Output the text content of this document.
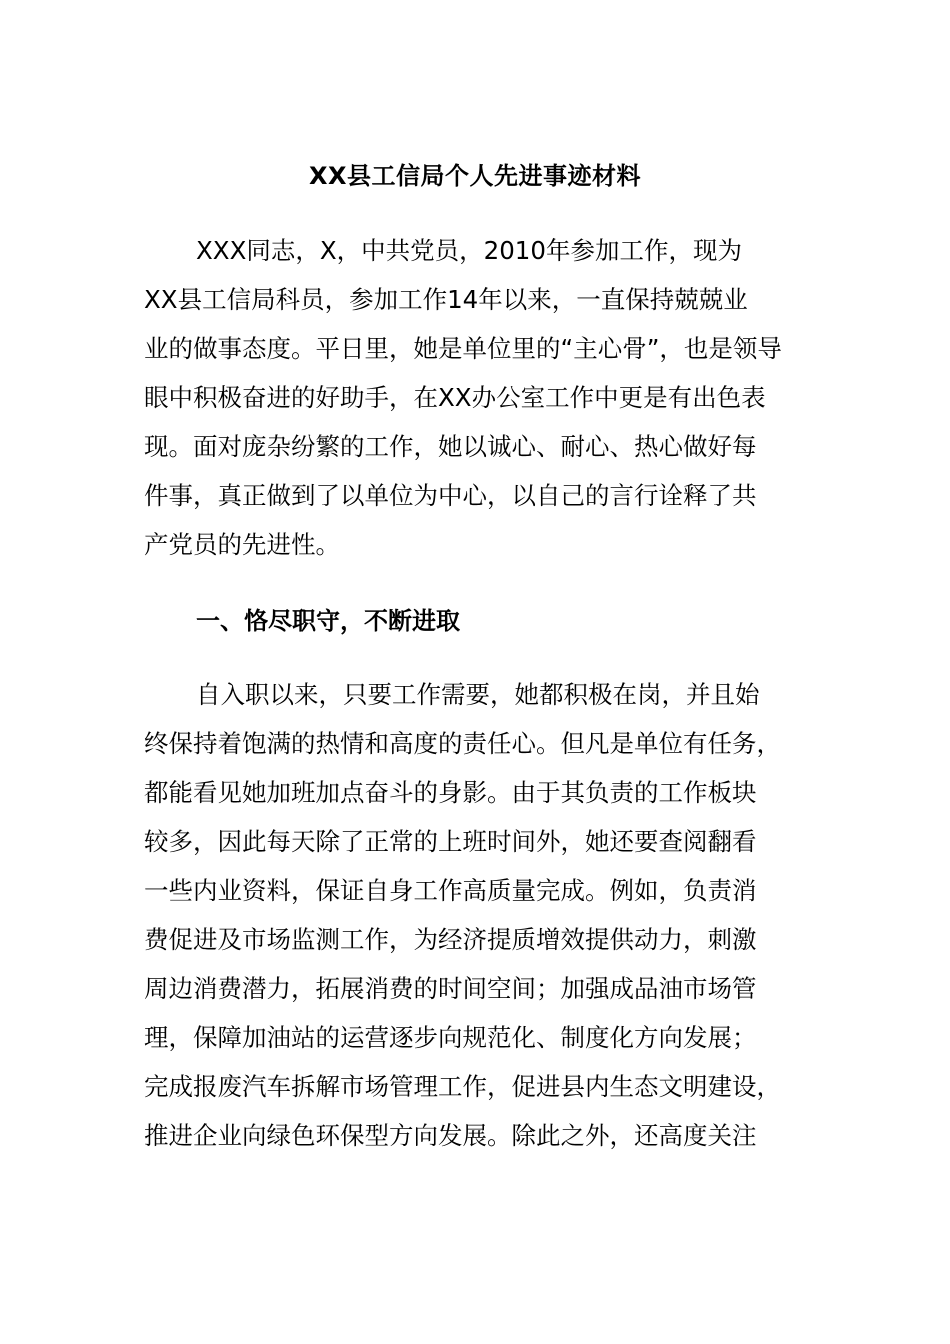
XX县工信局个人先进事迹材料
XXX同志，X，中共党员，2010年参加工作，现为
XX县工信局科员，参加工作14年以来，一直保持兢兢业
业的做事态度。平日里，她是单位里的“主心骨”，也是领导
眼中积极奋进的好助手，在XX办公室工作中更是有出色表
现。面对庞杂纷繁的工作，她以诚心、耐心、热心做好每
件事，真正做到了以单位为中心，以自己的言行诠释了共
产党员的先进性。
一、恪尽职守，不断进取
自入职以来，只要工作需要，她都积极在岗，并且始
终保持着饱满的热情和高度的责任心。但凡是单位有任务，
都能看见她加班加点奋斗的身影。由于其负责的工作板块
较多，因此每天除了正常的上班时间外，她还要查阅翻看
一些内业资料，保证自身工作高质量完成。例如，负责消
费促进及市场监测工作，为经济提质增效提供动力，刺激
周边消费潜力，拓展消费的时间空间；加强成品油市场管
理，保障加油站的运营逐步向规范化、制度化方向发展；
完成报废汽车拆解市场管理工作，促进县内生态文明建设，
推进企业向绿色环保型方向发展。除此之外，还高度关注
